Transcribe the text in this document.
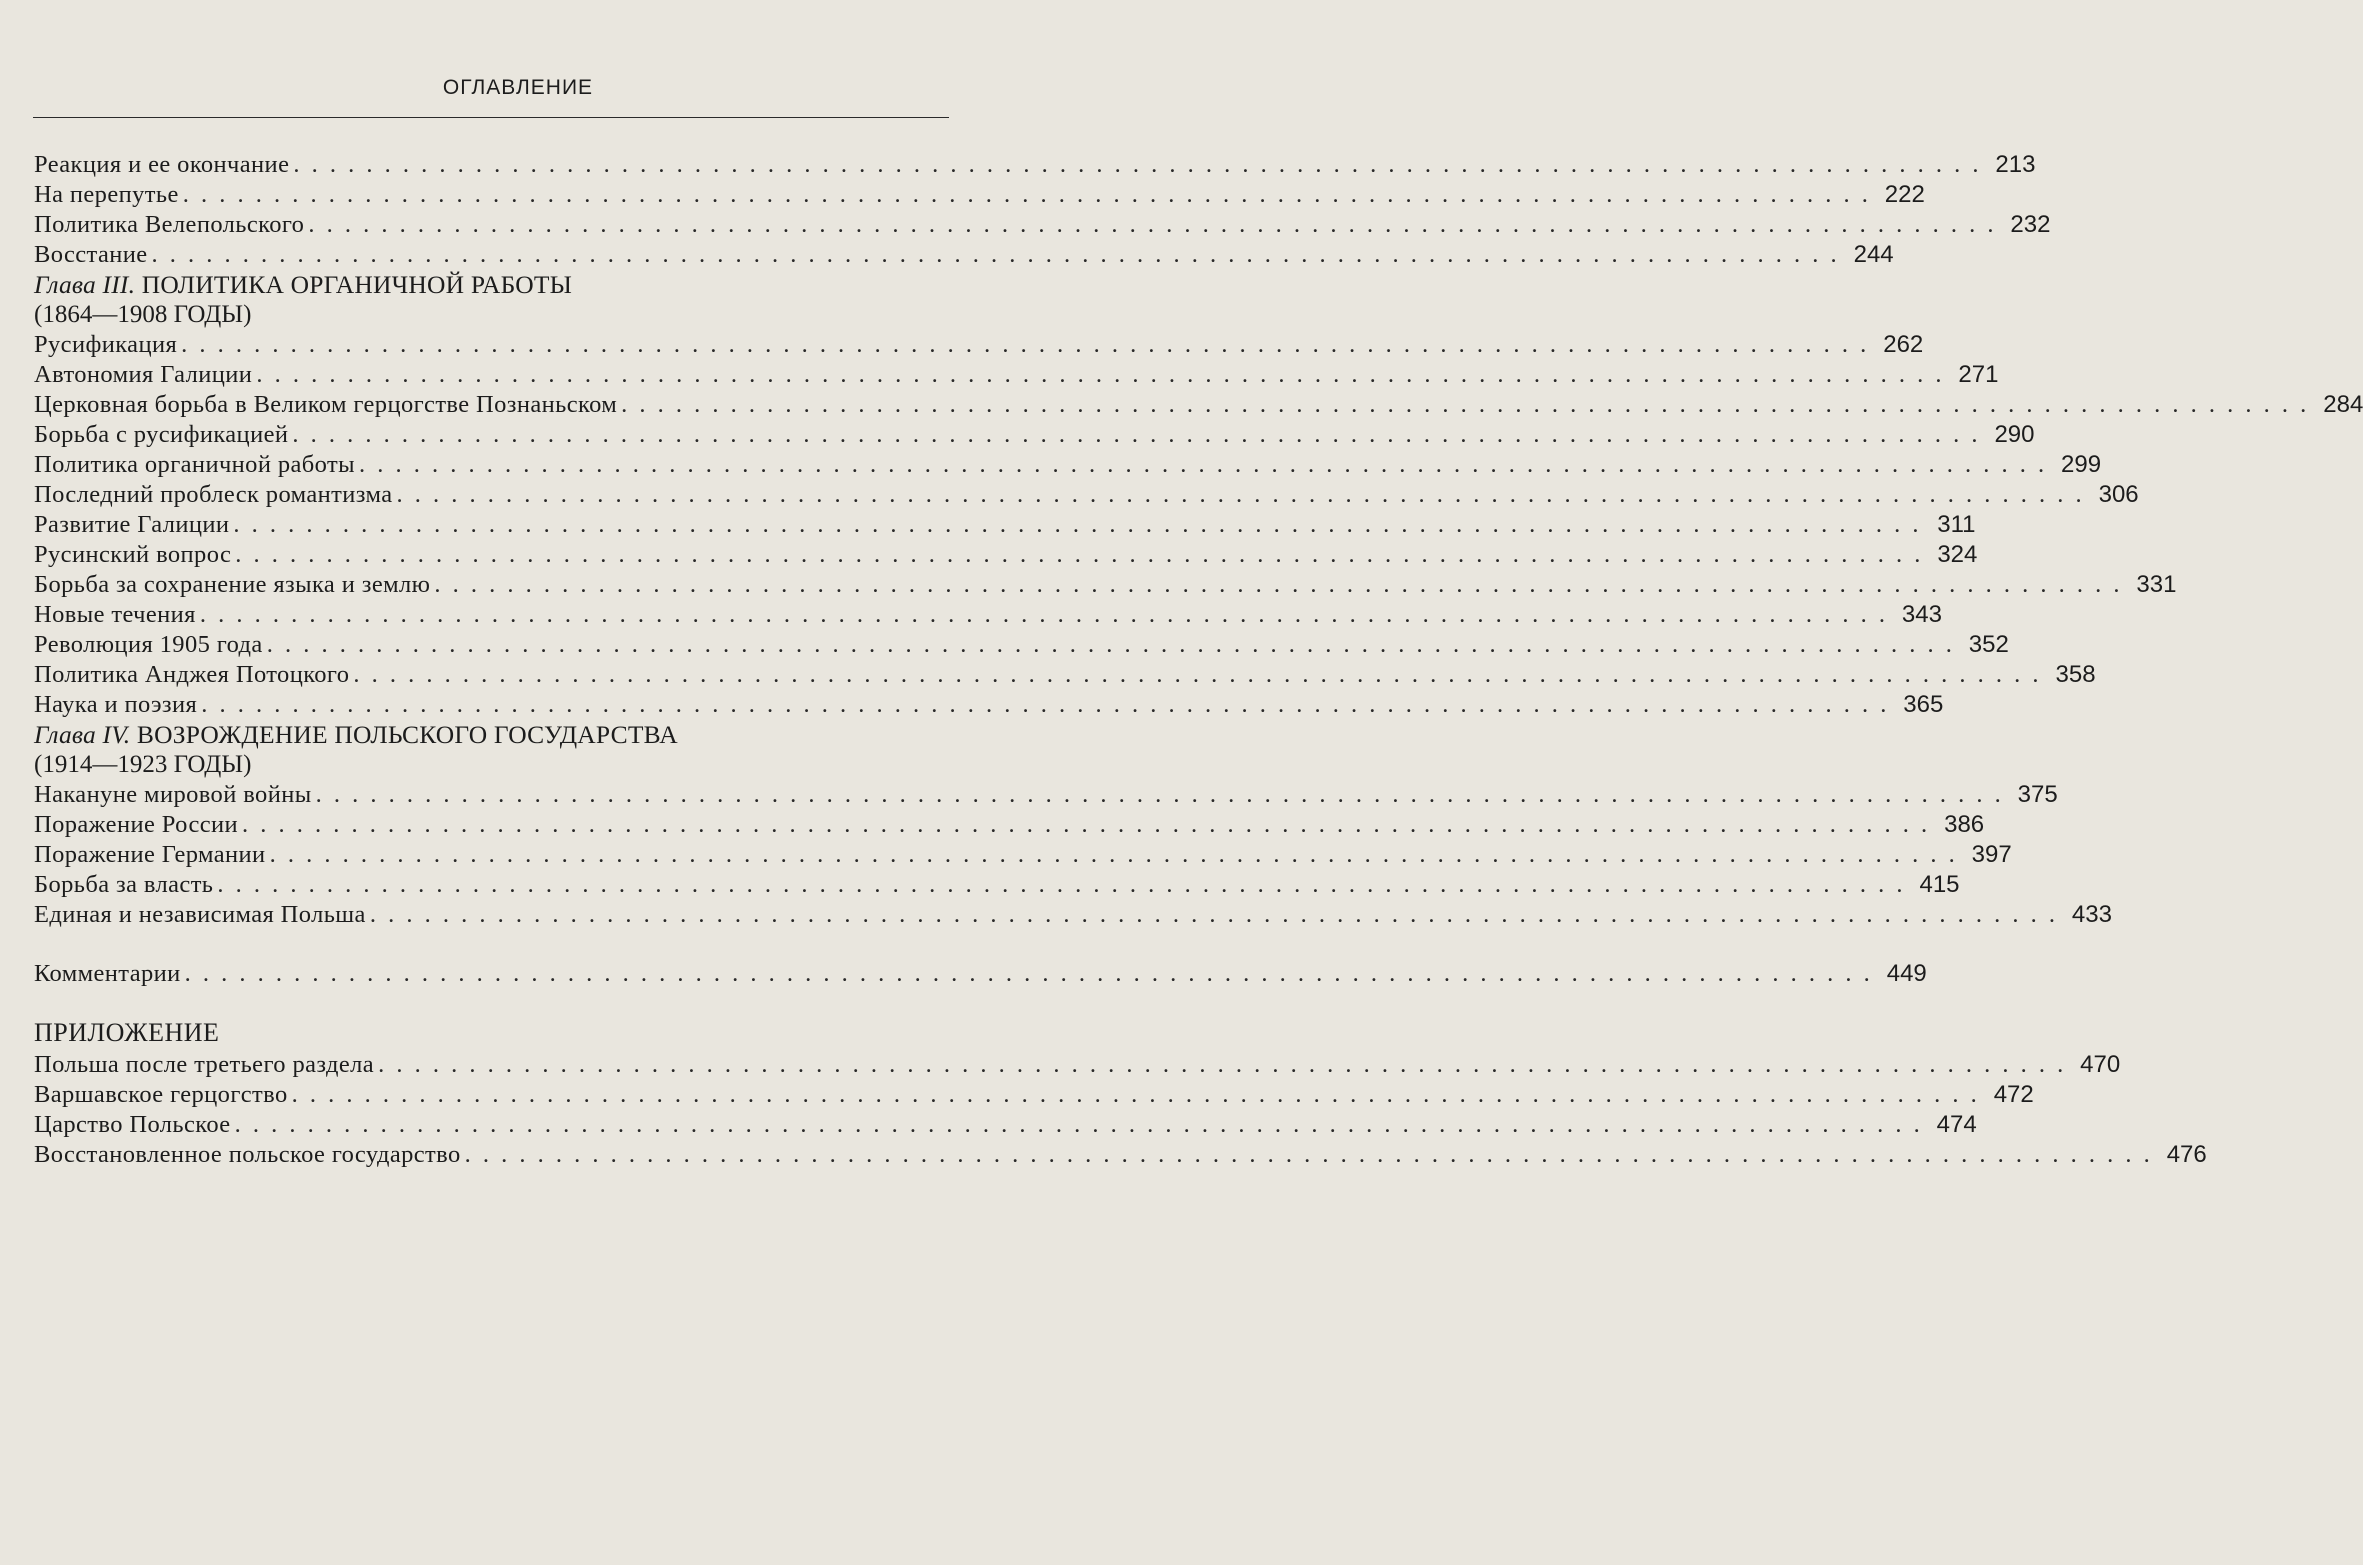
ОГЛАВЛЕНИЕ
Реакция и ее окончание . . . . . . . . . . . . . . . . . . . . . . . . . . . . . . . . . . . . . . . . . . . . . . . . . . . . . . . . . . . . . . . . . . . . . . . . . . . . . . . . . . . . . . . . . . . . . 213
На перепутье . . . . . . . . . . . . . . . . . . . . . . . . . . . . . . . . . . . . . . . . . . . . . . . . . . . . . . . . . . . . . . . . . . . . . . . . . . . . . . . . . . . . . . . . . . . . . 222
Политика Велепольского . . . . . . . . . . . . . . . . . . . . . . . . . . . . . . . . . . . . . . . . . . . . . . . . . . . . . . . . . . . . . . . . . . . . . . . . . . . . . . . . . . . . . . . . . . . . . 232
Восстание . . . . . . . . . . . . . . . . . . . . . . . . . . . . . . . . . . . . . . . . . . . . . . . . . . . . . . . . . . . . . . . . . . . . . . . . . . . . . . . . . . . . . . . . . . . . . 244
Глава III. ПОЛИТИКА ОРГАНИЧНОЙ РАБОТЫ
(1864—1908 ГОДЫ)
Русификация . . . . . . . . . . . . . . . . . . . . . . . . . . . . . . . . . . . . . . . . . . . . . . . . . . . . . . . . . . . . . . . . . . . . . . . . . . . . . . . . . . . . . . . . . . . . . 262
Автономия Галиции . . . . . . . . . . . . . . . . . . . . . . . . . . . . . . . . . . . . . . . . . . . . . . . . . . . . . . . . . . . . . . . . . . . . . . . . . . . . . . . . . . . . . . . . . . . . . 271
Церковная борьба в Великом герцогстве Познаньском . . . . . . . . . . . . . . . . . . . . . . . . . . . . . . . . . . . . . . . . . . . . . . . . . . . . . . . . . . . . . . . . . . . . . . . . . . . . . . . . . . . . . . . . . . . . . 284
Борьба с русификацией . . . . . . . . . . . . . . . . . . . . . . . . . . . . . . . . . . . . . . . . . . . . . . . . . . . . . . . . . . . . . . . . . . . . . . . . . . . . . . . . . . . . . . . . . . . . . 290
Политика органичной работы . . . . . . . . . . . . . . . . . . . . . . . . . . . . . . . . . . . . . . . . . . . . . . . . . . . . . . . . . . . . . . . . . . . . . . . . . . . . . . . . . . . . . . . . . . . . . 299
Последний проблеск романтизма . . . . . . . . . . . . . . . . . . . . . . . . . . . . . . . . . . . . . . . . . . . . . . . . . . . . . . . . . . . . . . . . . . . . . . . . . . . . . . . . . . . . . . . . . . . . . 306
Развитие Галиции . . . . . . . . . . . . . . . . . . . . . . . . . . . . . . . . . . . . . . . . . . . . . . . . . . . . . . . . . . . . . . . . . . . . . . . . . . . . . . . . . . . . . . . . . . . . . 311
Русинский вопрос . . . . . . . . . . . . . . . . . . . . . . . . . . . . . . . . . . . . . . . . . . . . . . . . . . . . . . . . . . . . . . . . . . . . . . . . . . . . . . . . . . . . . . . . . . . . . 324
Борьба за сохранение языка и землю . . . . . . . . . . . . . . . . . . . . . . . . . . . . . . . . . . . . . . . . . . . . . . . . . . . . . . . . . . . . . . . . . . . . . . . . . . . . . . . . . . . . . . . . . . . . . 331
Новые течения . . . . . . . . . . . . . . . . . . . . . . . . . . . . . . . . . . . . . . . . . . . . . . . . . . . . . . . . . . . . . . . . . . . . . . . . . . . . . . . . . . . . . . . . . . . . . 343
Революция 1905 года . . . . . . . . . . . . . . . . . . . . . . . . . . . . . . . . . . . . . . . . . . . . . . . . . . . . . . . . . . . . . . . . . . . . . . . . . . . . . . . . . . . . . . . . . . . . . 352
Политика Анджея Потоцкого . . . . . . . . . . . . . . . . . . . . . . . . . . . . . . . . . . . . . . . . . . . . . . . . . . . . . . . . . . . . . . . . . . . . . . . . . . . . . . . . . . . . . . . . . . . . . 358
Наука и поэзия . . . . . . . . . . . . . . . . . . . . . . . . . . . . . . . . . . . . . . . . . . . . . . . . . . . . . . . . . . . . . . . . . . . . . . . . . . . . . . . . . . . . . . . . . . . . . 365
Глава IV. ВОЗРОЖДЕНИЕ ПОЛЬСКОГО ГОСУДАРСТВА
(1914—1923 ГОДЫ)
Накануне мировой войны . . . . . . . . . . . . . . . . . . . . . . . . . . . . . . . . . . . . . . . . . . . . . . . . . . . . . . . . . . . . . . . . . . . . . . . . . . . . . . . . . . . . . . . . . . . . . 375
Поражение России . . . . . . . . . . . . . . . . . . . . . . . . . . . . . . . . . . . . . . . . . . . . . . . . . . . . . . . . . . . . . . . . . . . . . . . . . . . . . . . . . . . . . . . . . . . . . 386
Поражение Германии . . . . . . . . . . . . . . . . . . . . . . . . . . . . . . . . . . . . . . . . . . . . . . . . . . . . . . . . . . . . . . . . . . . . . . . . . . . . . . . . . . . . . . . . . . . . . 397
Борьба за власть . . . . . . . . . . . . . . . . . . . . . . . . . . . . . . . . . . . . . . . . . . . . . . . . . . . . . . . . . . . . . . . . . . . . . . . . . . . . . . . . . . . . . . . . . . . . . 415
Единая и независимая Польша . . . . . . . . . . . . . . . . . . . . . . . . . . . . . . . . . . . . . . . . . . . . . . . . . . . . . . . . . . . . . . . . . . . . . . . . . . . . . . . . . . . . . . . . . . . . . 433
Комментарии . . . . . . . . . . . . . . . . . . . . . . . . . . . . . . . . . . . . . . . . . . . . . . . . . . . . . . . . . . . . . . . . . . . . . . . . . . . . . . . . . . . . . . . . . . . . . 449
ПРИЛОЖЕНИЕ
Польша после третьего раздела . . . . . . . . . . . . . . . . . . . . . . . . . . . . . . . . . . . . . . . . . . . . . . . . . . . . . . . . . . . . . . . . . . . . . . . . . . . . . . . . . . . . . . . . . . . . . 470
Варшавское герцогство . . . . . . . . . . . . . . . . . . . . . . . . . . . . . . . . . . . . . . . . . . . . . . . . . . . . . . . . . . . . . . . . . . . . . . . . . . . . . . . . . . . . . . . . . . . . . 472
Царство Польское . . . . . . . . . . . . . . . . . . . . . . . . . . . . . . . . . . . . . . . . . . . . . . . . . . . . . . . . . . . . . . . . . . . . . . . . . . . . . . . . . . . . . . . . . . . . . 474
Восстановленное польское государство . . . . . . . . . . . . . . . . . . . . . . . . . . . . . . . . . . . . . . . . . . . . . . . . . . . . . . . . . . . . . . . . . . . . . . . . . . . . . . . . . . . . . . . . . . . . . 476
